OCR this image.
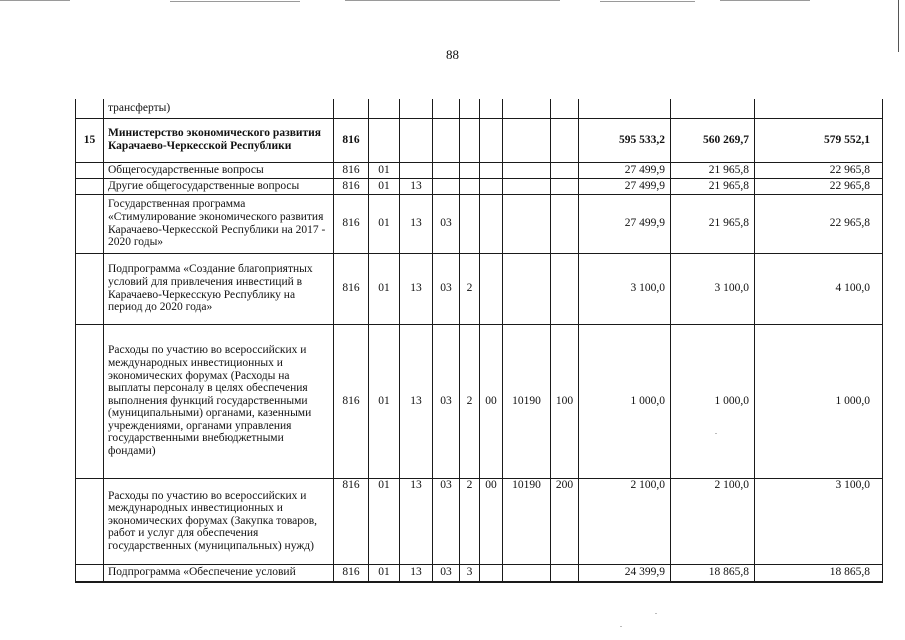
88
	трансферты)											
15	Министерство экономического развития Карачаево-Черкесской Республики	816								595 533,2	560 269,7	579 552,1
	Общегосударственные вопросы	816	01							27 499,9	21 965,8	22 965,8
	Другие общегосударственные вопросы	816	01	13						27 499,9	21 965,8	22 965,8
	Государственная программа «Стимулирование экономического развития Карачаево-Черкесской Республики на 2017 - 2020 годы»	816	01	13	03					27 499,9	21 965,8	22 965,8
	Подпрограмма «Создание благоприятных условий для привлечения инвестиций в Карачаево-Черкесскую Республику на период до 2020 года»	816	01	13	03	2				3 100,0	3 100,0	4 100,0
	Расходы по участию во всероссийских и международных инвестиционных и экономических форумах (Расходы на выплаты персоналу в целях обеспечения выполнения функций государственными (муниципальными) органами, казенными учреждениями, органами управления государственными внебюджетными фондами)	816	01	13	03	2	00	10190	100	1 000,0	1 000,0	1 000,0
	Расходы по участию во всероссийских и международных инвестиционных и экономических форумах (Закупка товаров, работ и услуг для обеспечения государственных (муниципальных) нужд)	816	01	13	03	2	00	10190	200	2 100,0	2 100,0	3 100,0
	Подпрограмма «Обеспечение условий	816	01	13	03	3				24 399,9	18 865,8	18 865,8
